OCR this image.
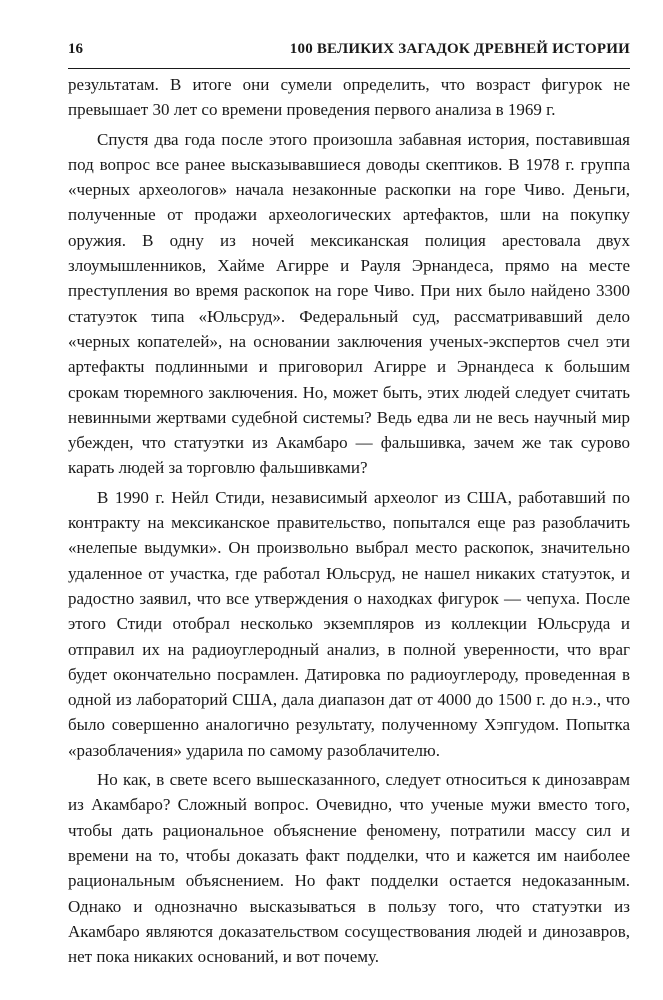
16	100 ВЕЛИКИХ ЗАГАДОК ДРЕВНЕЙ ИСТОРИИ

результатам. В итоге они сумели определить, что возраст фигурок не превышает 30 лет со времени проведения первого анализа в 1969 г.

Спустя два года после этого произошла забавная история, поставившая под вопрос все ранее высказывавшиеся доводы скептиков. В 1978 г. группа «черных археологов» начала незаконные раскопки на горе Чиво. Деньги, полученные от продажи археологических артефактов, шли на покупку оружия. В одну из ночей мексиканская полиция арестовала двух злоумышленников, Хайме Агирре и Рауля Эрнандеса, прямо на месте преступления во время раскопок на горе Чиво. При них было найдено 3300 статуэток типа «Юльсруд». Федеральный суд, рассматривавший дело «черных копателей», на основании заключения ученых-экспертов счел эти артефакты подлинными и приговорил Агирре и Эрнандеса к большим срокам тюремного заключения. Но, может быть, этих людей следует считать невинными жертвами судебной системы? Ведь едва ли не весь научный мир убежден, что статуэтки из Акамбаро — фальшивка, зачем же так сурово карать людей за торговлю фальшивками?

В 1990 г. Нейл Стиди, независимый археолог из США, работавший по контракту на мексиканское правительство, попытался еще раз разоблачить «нелепые выдумки». Он произвольно выбрал место раскопок, значительно удаленное от участка, где работал Юльсруд, не нашел никаких статуэток, и радостно заявил, что все утверждения о находках фигурок — чепуха. После этого Стиди отобрал несколько экземпляров из коллекции Юльсруда и отправил их на радиоуглеродный анализ, в полной уверенности, что враг будет окончательно посрамлен. Датировка по радиоуглероду, проведенная в одной из лабораторий США, дала диапазон дат от 4000 до 1500 г. до н.э., что было совершенно аналогично результату, полученному Хэпгудом. Попытка «разоблачения» ударила по самому разоблачителю.

Но как, в свете всего вышесказанного, следует относиться к динозаврам из Акамбаро? Сложный вопрос. Очевидно, что ученые мужи вместо того, чтобы дать рациональное объяснение феномену, потратили массу сил и времени на то, чтобы доказать факт подделки, что и кажется им наиболее рациональным объяснением. Но факт подделки остается недоказанным. Однако и однозначно высказываться в пользу того, что статуэтки из Акамбаро являются доказательством сосуществования людей и динозавров, нет пока никаких оснований, и вот почему.
